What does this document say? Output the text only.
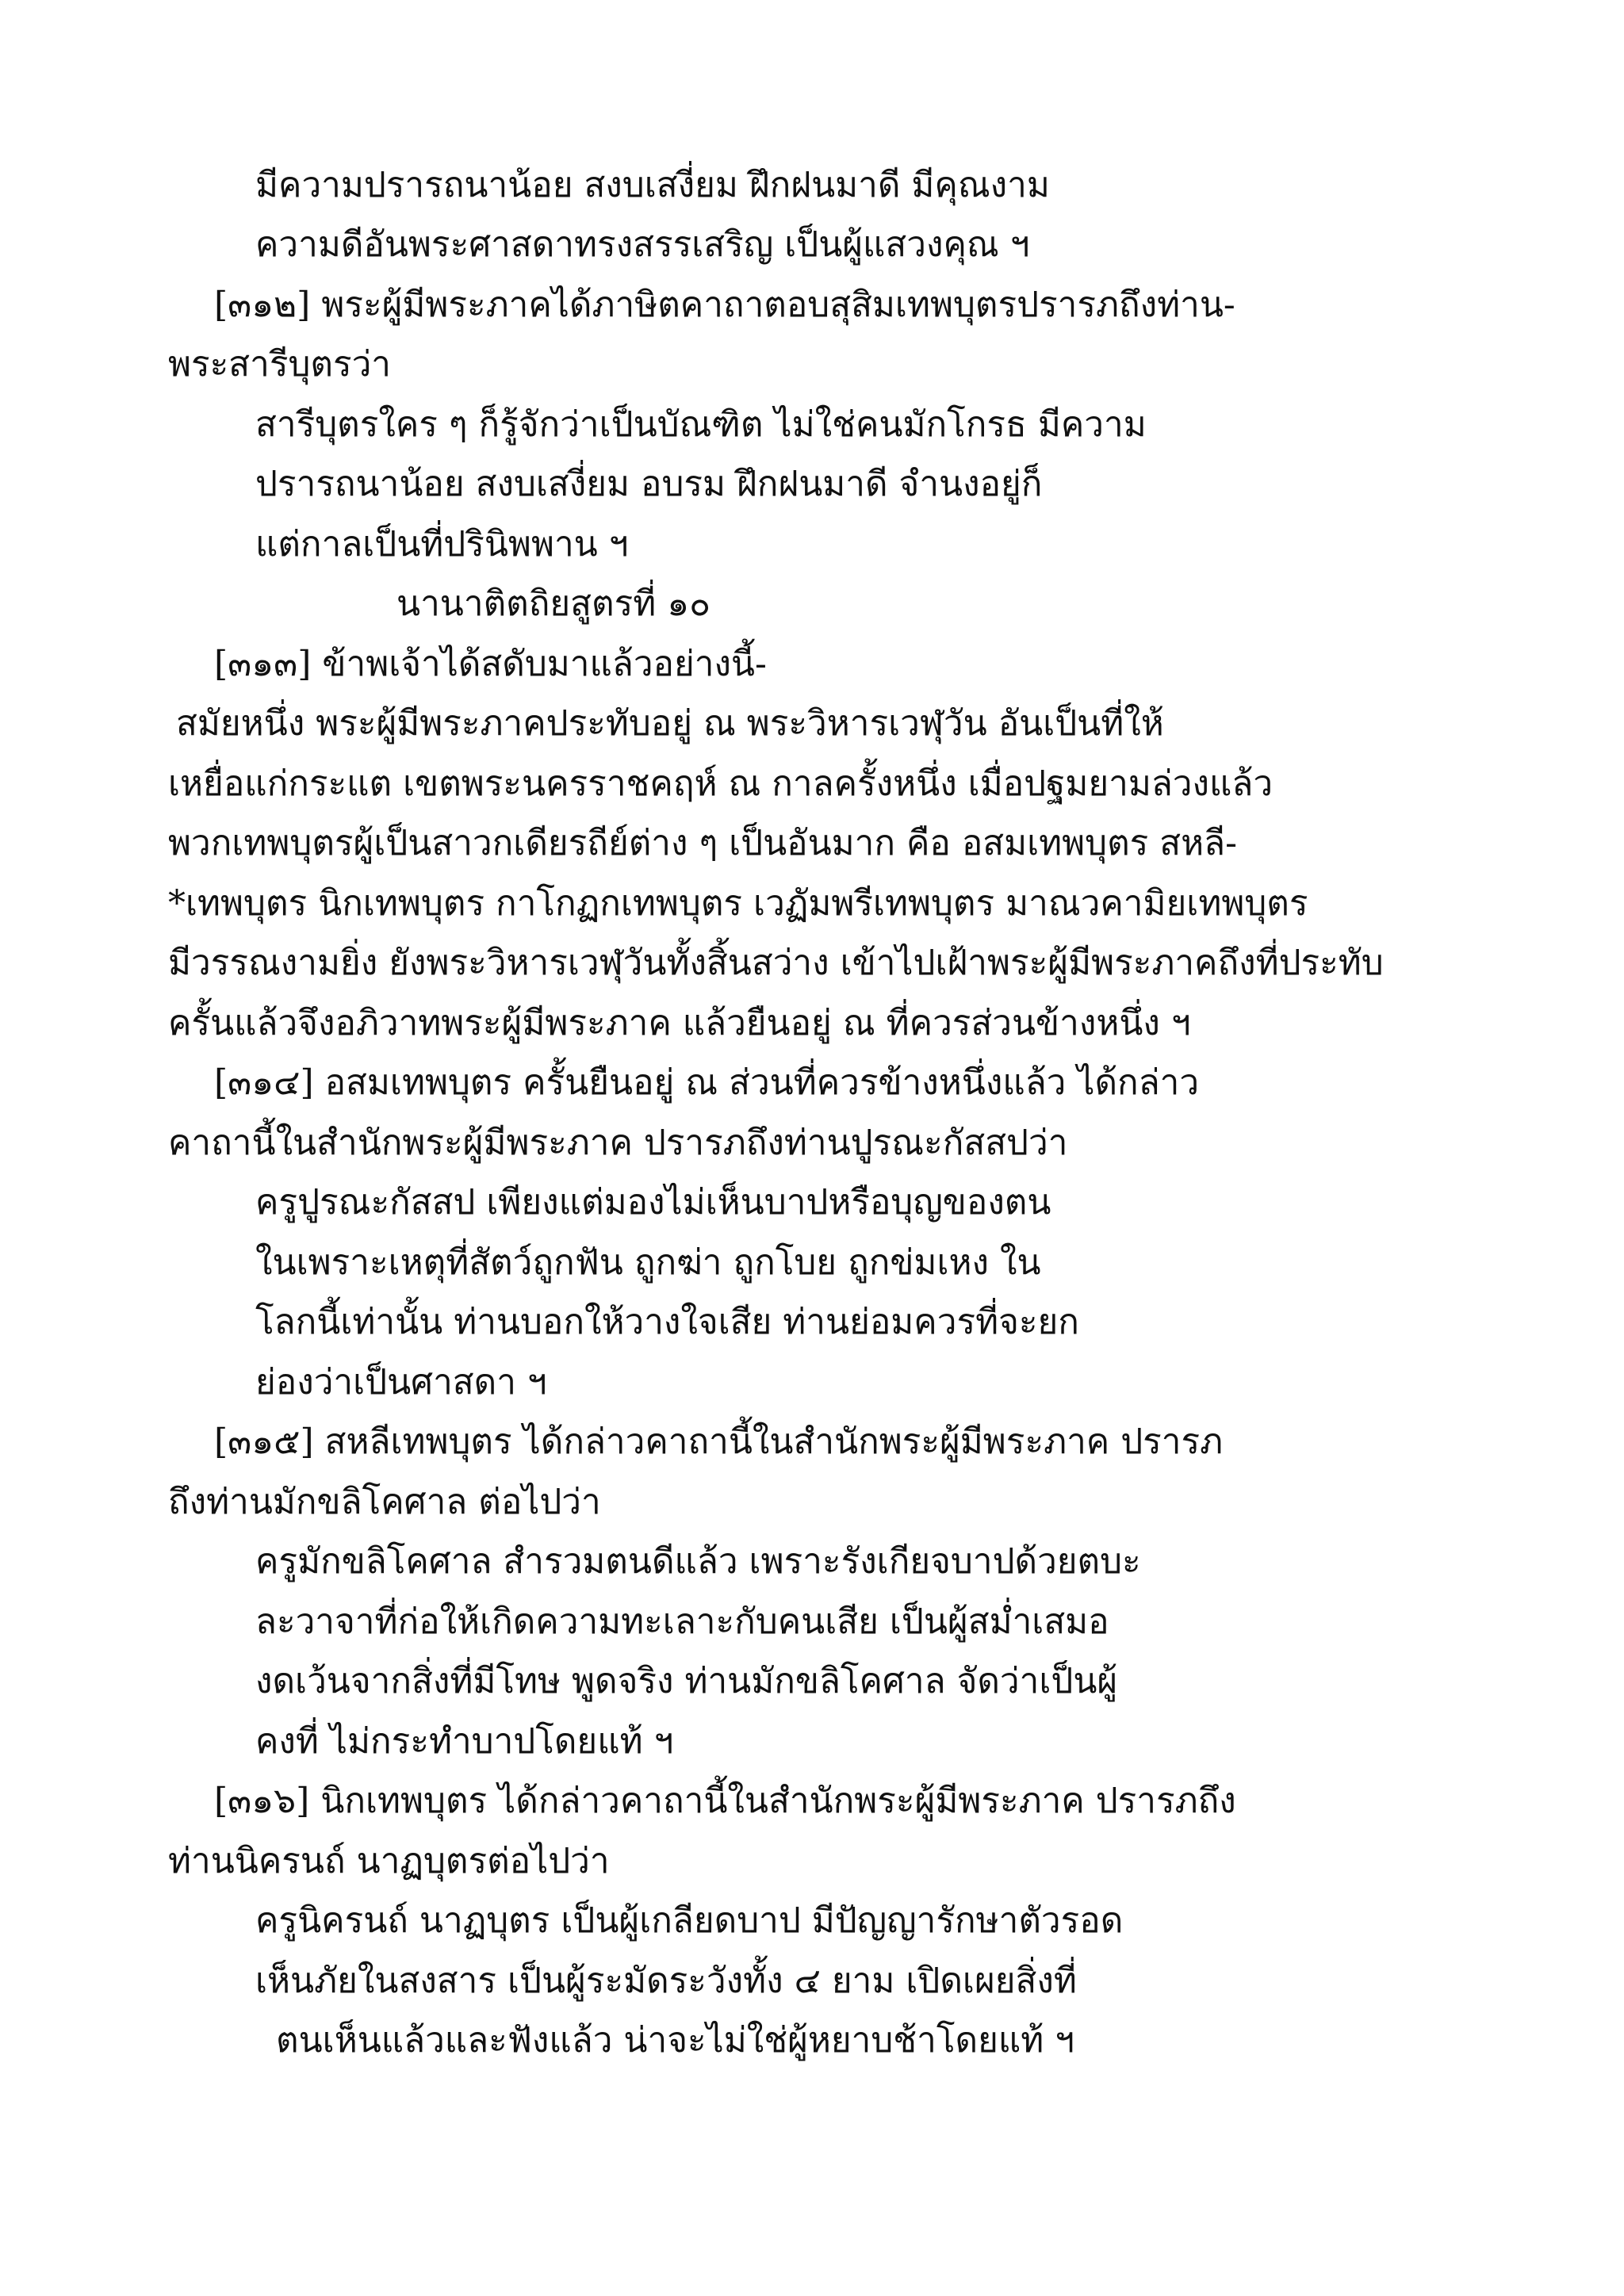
มีความปรารถนาน้อย สงบเสงี่ยม ฝึกฝนมาดี มีคุณงาม
ความดีอันพระศาสดาทรงสรรเสริญ เป็นผู้แสวงคุณ ฯ
[๓๑๒] พระผู้มีพระภาคได้ภาษิตคาถาตอบสุสิมเทพบุตรปรารภถึงท่าน-
พระสารีบุตรว่า
สารีบุตรใคร ๆ ก็รู้จักว่าเป็นบัณฑิต ไม่ใช่คนมักโกรธ มีความ
ปรารถนาน้อย สงบเสงี่ยม อบรม ฝึกฝนมาดี จำนงอยู่ก็
แต่กาลเป็นที่ปรินิพพาน ฯ
นานาติตถิยสูตรที่ ๑๐
[๓๑๓] ข้าพเจ้าได้สดับมาแล้วอย่างนี้-
สมัยหนึ่ง พระผู้มีพระภาคประทับอยู่ ณ พระวิหารเวฬุวัน อันเป็นที่ให้
เหยื่อแก่กระแต เขตพระนครราชคฤห์ ณ กาลครั้งหนึ่ง เมื่อปฐมยามล่วงแล้ว
พวกเทพบุตรผู้เป็นสาวกเดียรถีย์ต่าง ๆ เป็นอันมาก คือ อสมเทพบุตร สหลี-
*เทพบุตร นิกเทพบุตร กาโกฏกเทพบุตร เวฏัมพรีเทพบุตร มาณวคามิยเทพบุตร
มีวรรณงามยิ่ง ยังพระวิหารเวฬุวันทั้งสิ้นสว่าง เข้าไปเฝ้าพระผู้มีพระภาคถึงที่ประทับ
ครั้นแล้วจึงอภิวาทพระผู้มีพระภาค แล้วยืนอยู่ ณ ที่ควรส่วนข้างหนึ่ง ฯ
[๓๑๔] อสมเทพบุตร ครั้นยืนอยู่ ณ ส่วนที่ควรข้างหนึ่งแล้ว ได้กล่าว
คาถานี้ในสำนักพระผู้มีพระภาค ปรารภถึงท่านปูรณะกัสสปว่า
ครูปูรณะกัสสป เพียงแต่มองไม่เห็นบาปหรือบุญของตน
ในเพราะเหตุที่สัตว์ถูกฟัน ถูกฆ่า ถูกโบย ถูกข่มเหง ใน
โลกนี้เท่านั้น ท่านบอกให้วางใจเสีย ท่านย่อมควรที่จะยก
ย่องว่าเป็นศาสดา ฯ
[๓๑๕] สหลีเทพบุตร ได้กล่าวคาถานี้ในสำนักพระผู้มีพระภาค ปรารภ
ถึงท่านมักขลิโคศาล ต่อไปว่า
ครูมักขลิโคศาล สำรวมตนดีแล้ว เพราะรังเกียจบาปด้วยตบะ
ละวาจาที่ก่อให้เกิดความทะเลาะกับคนเสีย เป็นผู้สม่ำเสมอ
งดเว้นจากสิ่งที่มีโทษ พูดจริง ท่านมักขลิโคศาล จัดว่าเป็นผู้
คงที่ ไม่กระทำบาปโดยแท้ ฯ
[๓๑๖] นิกเทพบุตร ได้กล่าวคาถานี้ในสำนักพระผู้มีพระภาค ปรารภถึง
ท่านนิครนถ์ นาฏบุตรต่อไปว่า
ครูนิครนถ์ นาฏบุตร เป็นผู้เกลียดบาป มีปัญญารักษาตัวรอด
เห็นภัยในสงสาร เป็นผู้ระมัดระวังทั้ง ๔ ยาม เปิดเผยสิ่งที่
ตนเห็นแล้วและฟังแล้ว น่าจะไม่ใช่ผู้หยาบช้าโดยแท้ ฯ
